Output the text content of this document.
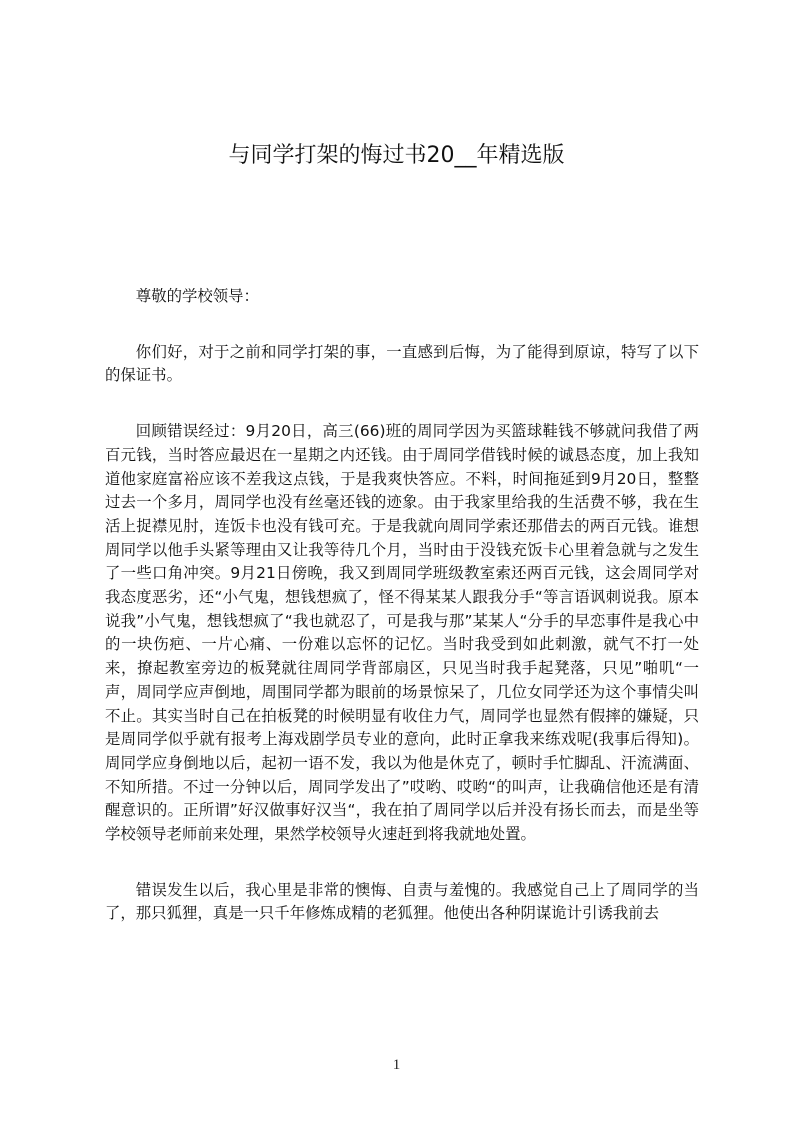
与同学打架的悔过书20__年精选版

尊敬的学校领导：

你们好，对于之前和同学打架的事，一直感到后悔，为了能得到原谅，特写了以下的保证书。

回顾错误经过：9月20日，高三(66)班的周同学因为买篮球鞋钱不够就问我借了两百元钱，当时答应最迟在一星期之内还钱。由于周同学借钱时候的诚恳态度，加上我知道他家庭富裕应该不差我这点钱，于是我爽快答应。不料，时间拖延到9月20日，整整过去一个多月，周同学也没有丝毫还钱的迹象。由于我家里给我的生活费不够，我在生活上捉襟见肘，连饭卡也没有钱可充。于是我就向周同学索还那借去的两百元钱。谁想周同学以他手头紧等理由又让我等待几个月，当时由于没钱充饭卡心里着急就与之发生了一些口角冲突。9月21日傍晚，我又到周同学班级教室索还两百元钱，这会周同学对我态度恶劣，还“小气鬼，想钱想疯了，怪不得某某人跟我分手“等言语讽刺说我。原本说我”小气鬼，想钱想疯了“我也就忍了，可是我与那”某某人“分手的早恋事件是我心中的一块伤疤、一片心痛、一份难以忘怀的记忆。当时我受到如此刺激，就气不打一处来，撩起教室旁边的板凳就往周同学背部扇区，只见当时我手起凳落，只见”啪叽“一声，周同学应声倒地，周围同学都为眼前的场景惊呆了，几位女同学还为这个事情尖叫不止。其实当时自己在拍板凳的时候明显有收住力气，周同学也显然有假摔的嫌疑，只是周同学似乎就有报考上海戏剧学员专业的意向，此时正拿我来练戏呢(我事后得知)。周同学应身倒地以后，起初一语不发，我以为他是休克了，顿时手忙脚乱、汗流满面、不知所措。不过一分钟以后，周同学发出了”哎哟、哎哟“的叫声，让我确信他还是有清醒意识的。正所谓”好汉做事好汉当“，我在拍了周同学以后并没有扬长而去，而是坐等学校领导老师前来处理，果然学校领导火速赶到将我就地处置。

错误发生以后，我心里是非常的懊悔、自责与羞愧的。我感觉自己上了周同学的当了，那只狐狸，真是一只千年修炼成精的老狐狸。他使出各种阴谋诡计引诱我前去

1
